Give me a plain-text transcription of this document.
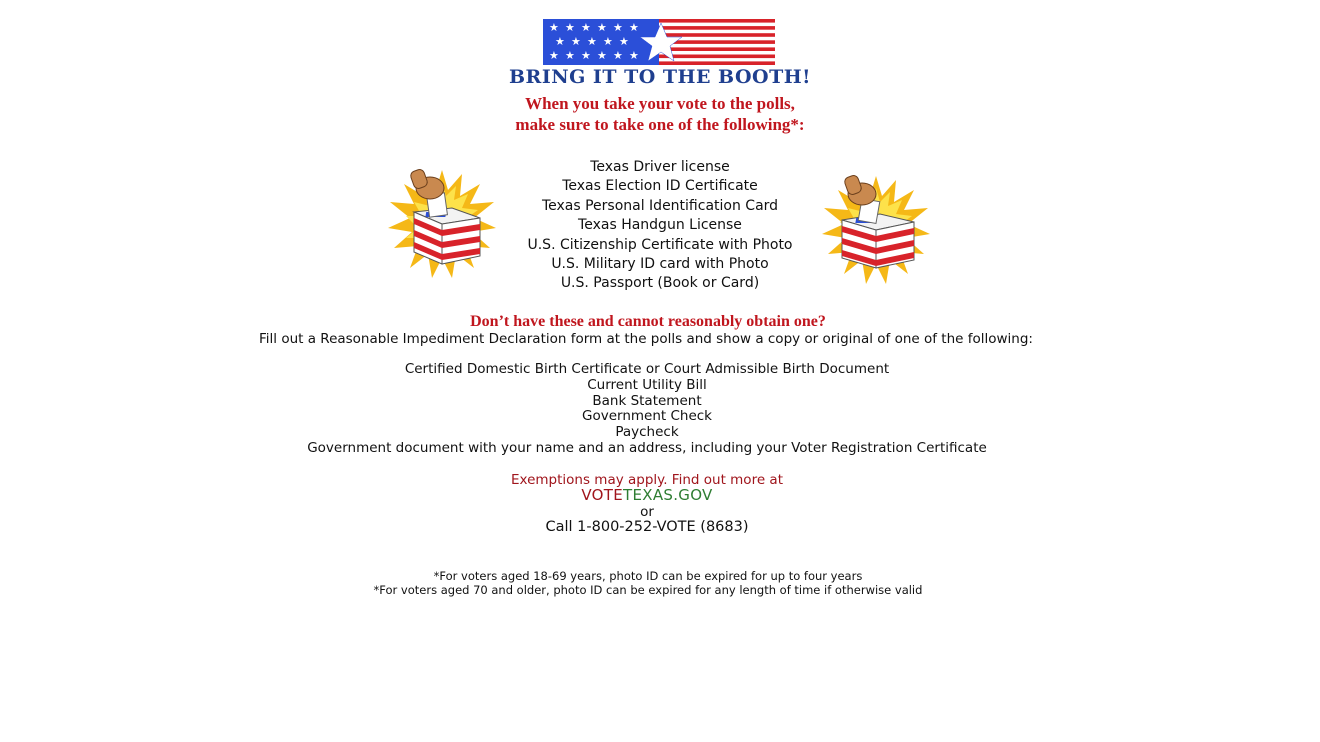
★ ★ ★ ★ ★ ★
★ ★ ★ ★ ★
★ ★ ★ ★ ★ ★
BRING IT TO THE BOOTH!
When you take your vote to the polls,
make sure to take one of the following*:
Texas Driver license
Texas Election ID Certificate
Texas Personal Identification Card
Texas Handgun License
U.S. Citizenship Certificate with Photo
U.S. Military ID card with Photo
U.S. Passport (Book or Card)
Don’t have these and cannot reasonably obtain one?
Fill out a Reasonable Impediment Declaration form at the polls and show a copy or original of one of the following:
Certified Domestic Birth Certificate or Court Admissible Birth Document
Current Utility Bill
Bank Statement
Government Check
Paycheck
Government document with your name and an address, including your Voter Registration Certificate
Exemptions may apply. Find out more at
VOTETEXAS.GOV
or
Call 1-800-252-VOTE (8683)
*For voters aged 18-69 years, photo ID can be expired for up to four years
*For voters aged 70 and older, photo ID can be expired for any length of time if otherwise valid
